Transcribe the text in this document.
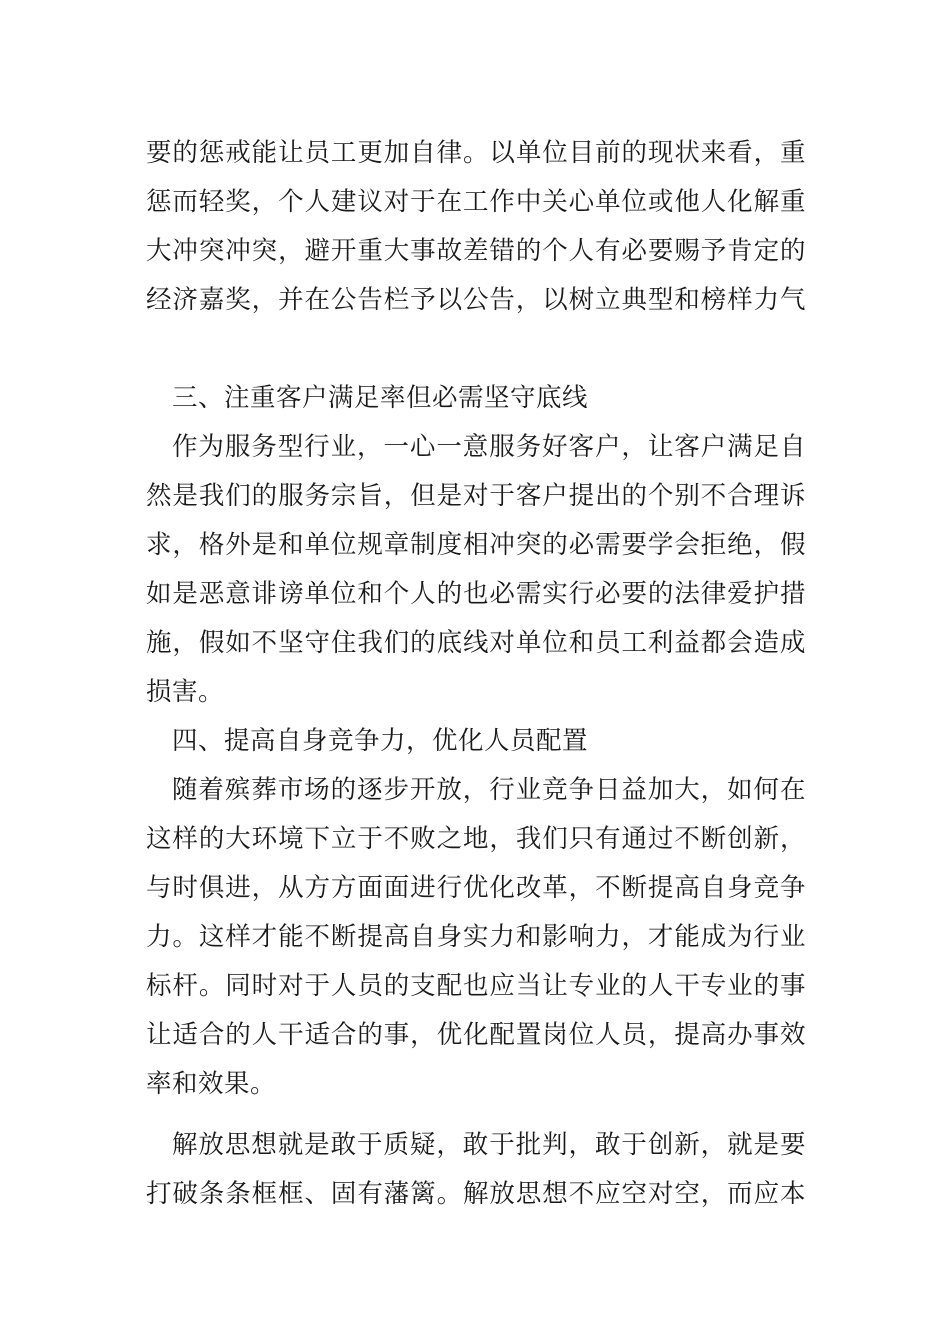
要的惩戒能让员工更加自律。以单位目前的现状来看，重
惩而轻奖，个人建议对于在工作中关心单位或他人化解重
大冲突冲突，避开重大事故差错的个人有必要赐予肯定的
经济嘉奖，并在公告栏予以公告，以树立典型和榜样力气
三、注重客户满足率但必需坚守底线
作为服务型行业，一心一意服务好客户，让客户满足自
然是我们的服务宗旨，但是对于客户提出的个别不合理诉
求，格外是和单位规章制度相冲突的必需要学会拒绝，假
如是恶意诽谤单位和个人的也必需实行必要的法律爱护措
施，假如不坚守住我们的底线对单位和员工利益都会造成
损害。
四、提高自身竞争力，优化人员配置
随着殡葬市场的逐步开放，行业竞争日益加大，如何在
这样的大环境下立于不败之地，我们只有通过不断创新，
与时俱进，从方方面面进行优化改革，不断提高自身竞争
力。这样才能不断提高自身实力和影响力，才能成为行业
标杆。同时对于人员的支配也应当让专业的人干专业的事
让适合的人干适合的事，优化配置岗位人员，提高办事效
率和效果。
解放思想就是敢于质疑，敢于批判，敢于创新，就是要
打破条条框框、固有藩篱。解放思想不应空对空，而应本
